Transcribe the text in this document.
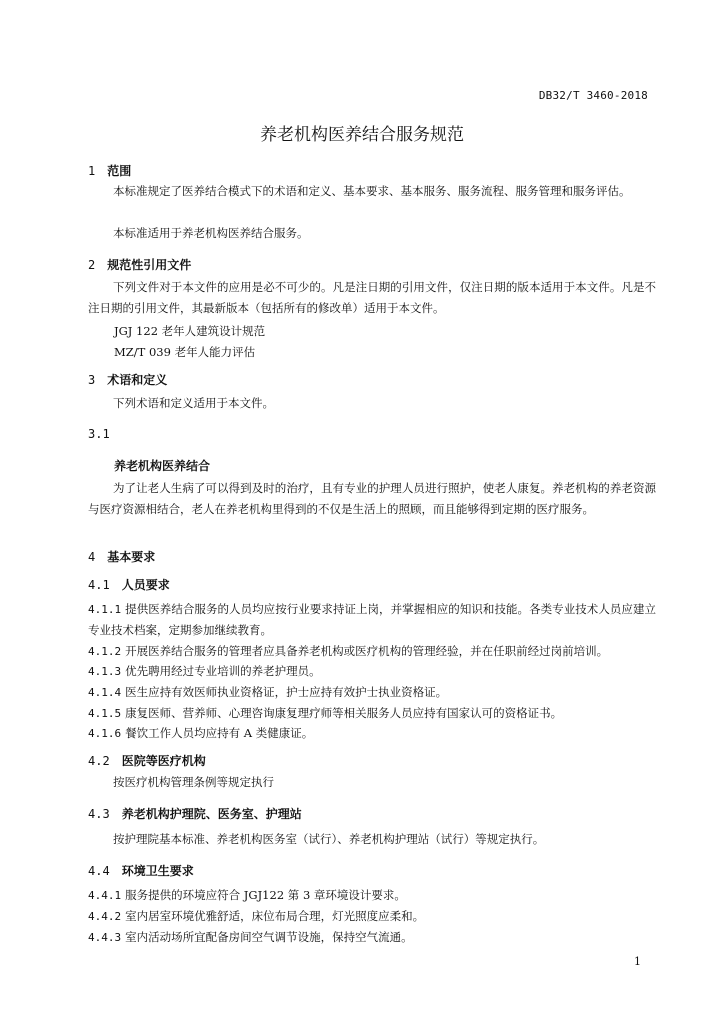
DB32/T 3460-2018
养老机构医养结合服务规范
1 范围
本标准规定了医养结合模式下的术语和定义、基本要求、基本服务、服务流程、服务管理和服务评估。
本标准适用于养老机构医养结合服务。
2 规范性引用文件
下列文件对于本文件的应用是必不可少的。凡是注日期的引用文件，仅注日期的版本适用于本文件。凡是不注日期的引用文件，其最新版本（包括所有的修改单）适用于本文件。
JGJ 122 老年人建筑设计规范
MZ/T 039 老年人能力评估
3 术语和定义
下列术语和定义适用于本文件。
3.1
养老机构医养结合
为了让老人生病了可以得到及时的治疗，且有专业的护理人员进行照护，使老人康复。养老机构的养老资源与医疗资源相结合，老人在养老机构里得到的不仅是生活上的照顾，而且能够得到定期的医疗服务。
4 基本要求
4.1 人员要求
4.1.1 提供医养结合服务的人员均应按行业要求持证上岗，并掌握相应的知识和技能。各类专业技术人员应建立专业技术档案，定期参加继续教育。
4.1.2 开展医养结合服务的管理者应具备养老机构或医疗机构的管理经验，并在任职前经过岗前培训。
4.1.3 优先聘用经过专业培训的养老护理员。
4.1.4 医生应持有效医师执业资格证，护士应持有效护士执业资格证。
4.1.5 康复医师、营养师、心理咨询康复理疗师等相关服务人员应持有国家认可的资格证书。
4.1.6 餐饮工作人员均应持有 A 类健康证。
4.2 医院等医疗机构
按医疗机构管理条例等规定执行
4.3 养老机构护理院、医务室、护理站
按护理院基本标准、养老机构医务室（试行）、养老机构护理站（试行）等规定执行。
4.4 环境卫生要求
4.4.1 服务提供的环境应符合 JGJ122 第 3 章环境设计要求。
4.4.2 室内居室环境优雅舒适，床位布局合理，灯光照度应柔和。
4.4.3 室内活动场所宜配备房间空气调节设施，保持空气流通。
1
